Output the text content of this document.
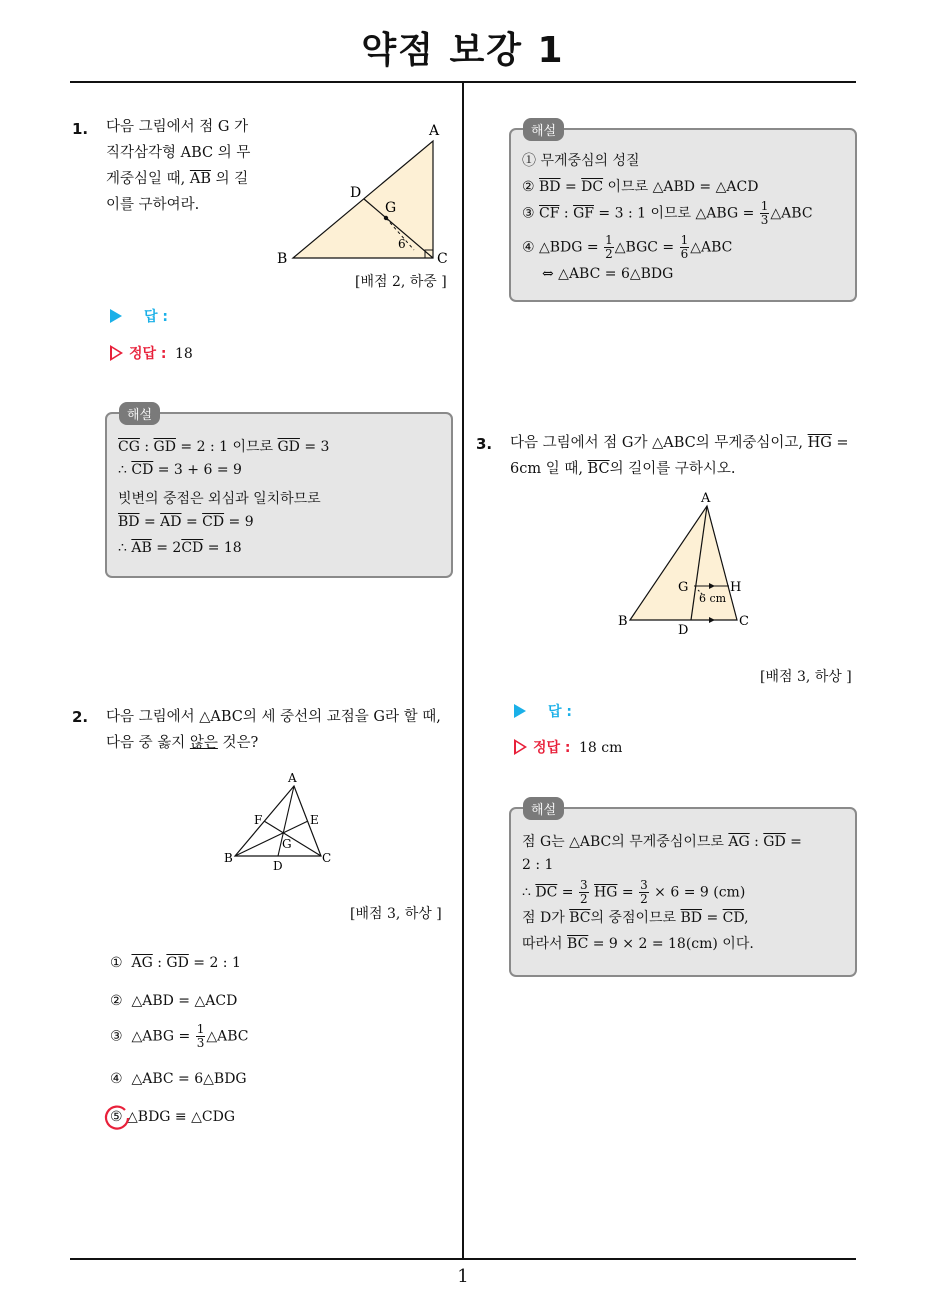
약점 보강 1
1. 다음 그림에서 점 G 가
직각삼각형 ABC 의 무
게중심일 때, $\overline{AB}$ 의 길
이를 구하여라.
A
B	C
D
G
6
[배점 2, 하중 ]
답 :
정답 : 18
해설
$\overline{CG}$ : $\overline{GD} = 2$ : 1 이므로 $\overline{GD} = 3$
∴ $\overline{CD} = 3 + 6 = 9$
빗변의 중점은 외심과 일치하므로
$\overline{BD} = \overline{AD} = \overline{CD} = 9$
∴ $\overline{AB} = 2\overline{CD} = 18$
2. 다음 그림에서 △ABC의 세 중선의 교점을 G라 할 때,
다음 중 옳지 않은 것은?
A
B	C
D
E
F
G
[배점 3, 하상 ]
① $\overline{AG}$ : $\overline{GD} = 2$ : 1
② △ABD = △ACD
③ △ABG = $\frac{1}{3}$ △ABC
④ △ABC = 6△BDG
⑤ △BDG ≡ △CDG
해설
① 무게중심의 성질
② $\overline{BD} = \overline{DC}$ 이므로 △ABD = △ACD
③ $\overline{CF}$ : $\overline{GF} = 3$ : 1 이므로 △ABG = $\frac{1}{3}$ △ABC
④ △BDG = $\frac{1}{2}$ △BGC = $\frac{1}{6}$ △ABC
⇔ △ABC = 6△BDG
3. 다음 그림에서 점 G가 △ABC의 무게중심이고, $\overline{HG}$ =
6cm 일 때, $\overline{BC}$의 길이를 구하시오.
A
B	C
D
G	H
6 cm
[배점 3, 하상 ]
답 :
정답 : 18 cm
해설
점 G는 △ABC의 무게중심이므로 $\overline{AG}$ : $\overline{GD}$ =
2 : 1
∴ $\overline{DC} = \frac{3}{2} \overline{HG} = \frac{3}{2} \times 6 = 9$ (cm)
점 D가 $\overline{BC}$의 중점이므로 $\overline{BD} = \overline{CD}$,
따라서 $\overline{BC} = 9 \times 2 = 18(cm)$ 이다.
1
